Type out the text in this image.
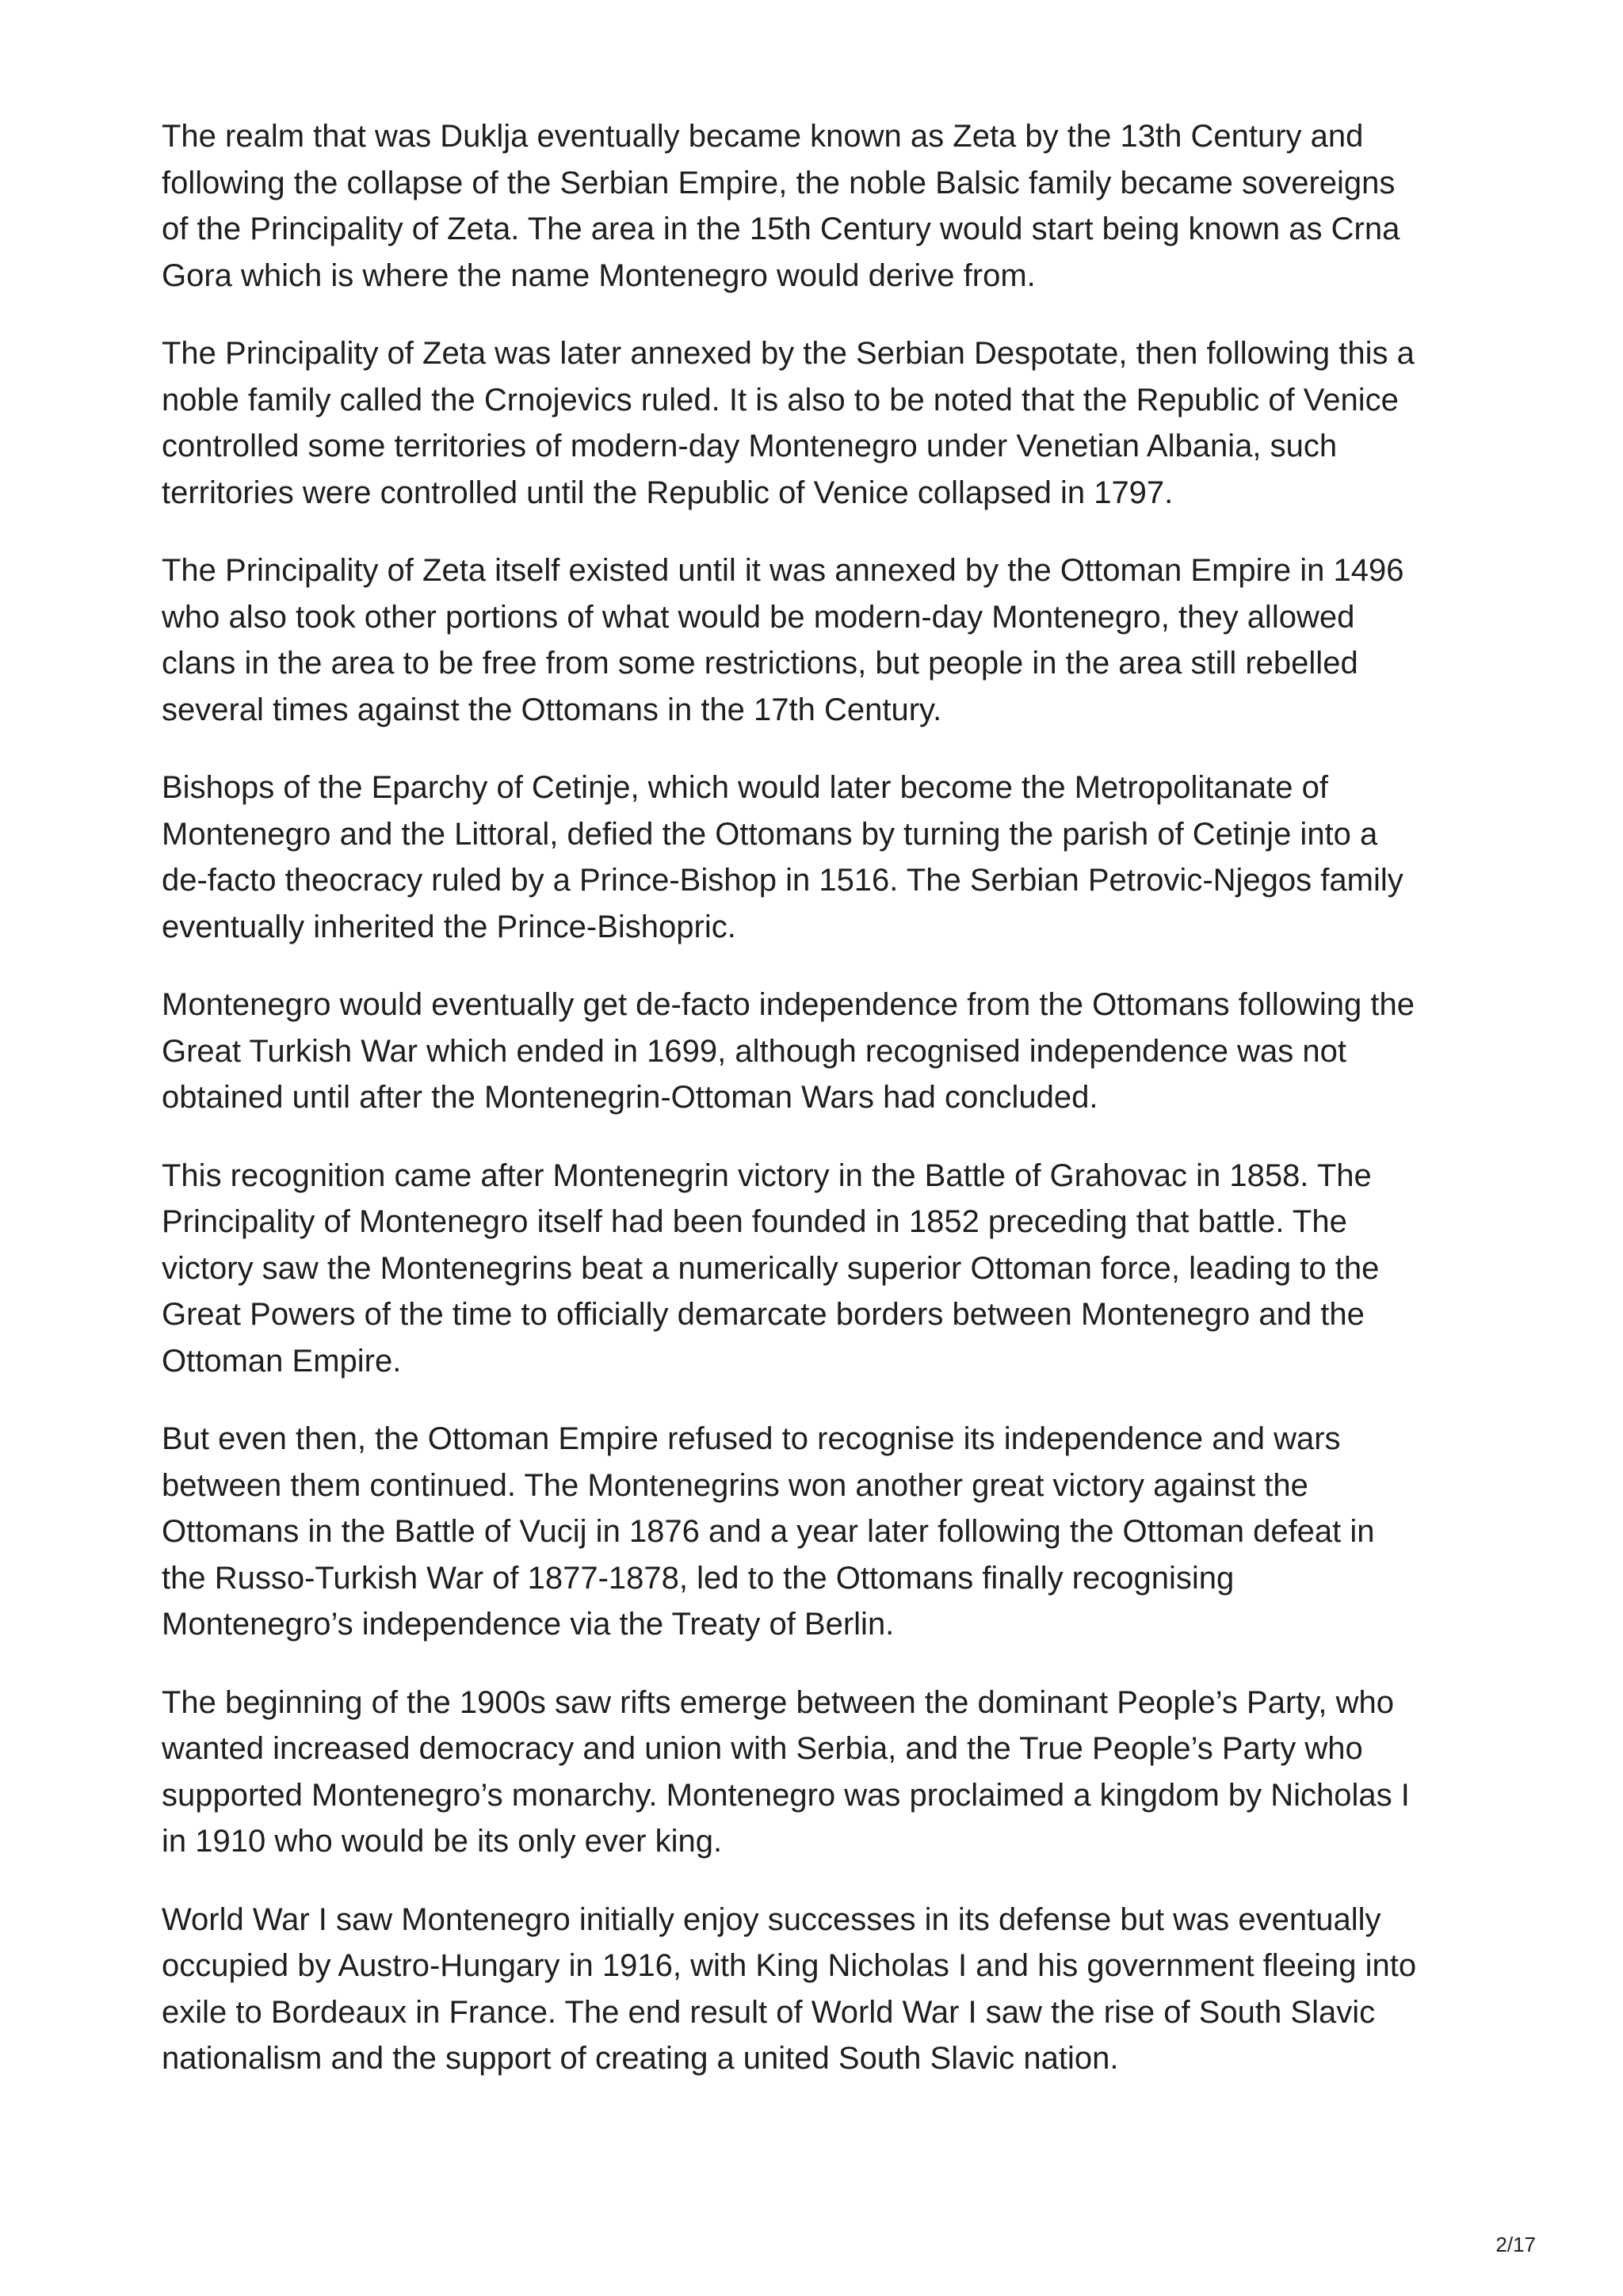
The realm that was Duklja eventually became known as Zeta by the 13th Century and
following the collapse of the Serbian Empire, the noble Balsic family became sovereigns
of the Principality of Zeta. The area in the 15th Century would start being known as Crna
Gora which is where the name Montenegro would derive from.

The Principality of Zeta was later annexed by the Serbian Despotate, then following this a
noble family called the Crnojevics ruled. It is also to be noted that the Republic of Venice
controlled some territories of modern-day Montenegro under Venetian Albania, such
territories were controlled until the Republic of Venice collapsed in 1797.

The Principality of Zeta itself existed until it was annexed by the Ottoman Empire in 1496
who also took other portions of what would be modern-day Montenegro, they allowed
clans in the area to be free from some restrictions, but people in the area still rebelled
several times against the Ottomans in the 17th Century.

Bishops of the Eparchy of Cetinje, which would later become the Metropolitanate of
Montenegro and the Littoral, defied the Ottomans by turning the parish of Cetinje into a
de-facto theocracy ruled by a Prince-Bishop in 1516. The Serbian Petrovic-Njegos family
eventually inherited the Prince-Bishopric.

Montenegro would eventually get de-facto independence from the Ottomans following the
Great Turkish War which ended in 1699, although recognised independence was not
obtained until after the Montenegrin-Ottoman Wars had concluded.

This recognition came after Montenegrin victory in the Battle of Grahovac in 1858. The
Principality of Montenegro itself had been founded in 1852 preceding that battle. The
victory saw the Montenegrins beat a numerically superior Ottoman force, leading to the
Great Powers of the time to officially demarcate borders between Montenegro and the
Ottoman Empire.

But even then, the Ottoman Empire refused to recognise its independence and wars
between them continued. The Montenegrins won another great victory against the
Ottomans in the Battle of Vucij in 1876 and a year later following the Ottoman defeat in
the Russo-Turkish War of 1877-1878, led to the Ottomans finally recognising
Montenegro’s independence via the Treaty of Berlin.

The beginning of the 1900s saw rifts emerge between the dominant People’s Party, who
wanted increased democracy and union with Serbia, and the True People’s Party who
supported Montenegro’s monarchy. Montenegro was proclaimed a kingdom by Nicholas I
in 1910 who would be its only ever king.

World War I saw Montenegro initially enjoy successes in its defense but was eventually
occupied by Austro-Hungary in 1916, with King Nicholas I and his government fleeing into
exile to Bordeaux in France. The end result of World War I saw the rise of South Slavic
nationalism and the support of creating a united South Slavic nation.

2/17
